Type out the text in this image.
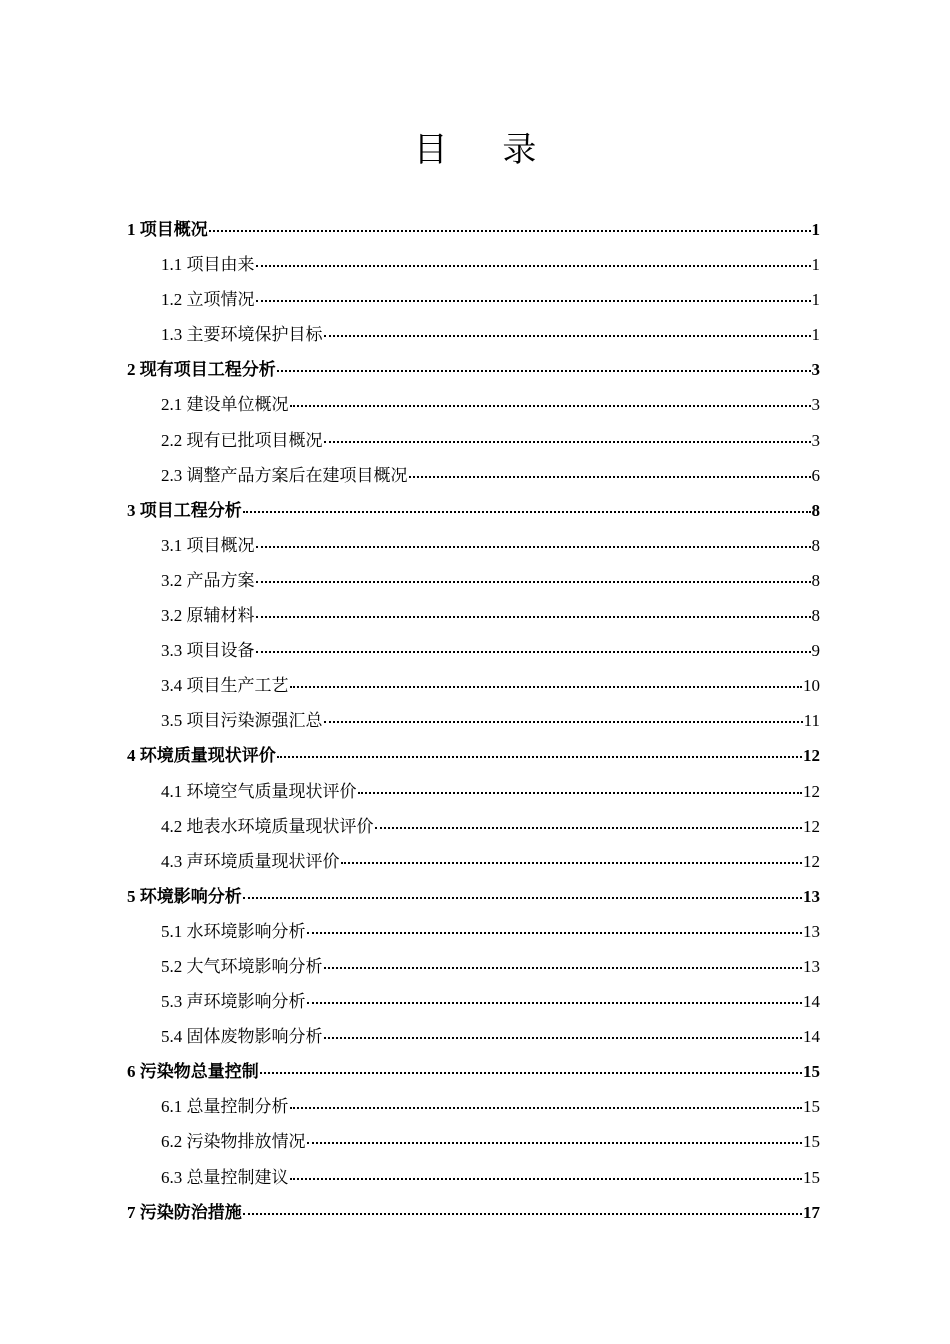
目 录
1 项目概况	1
1.1 项目由来	1
1.2 立项情况	1
1.3 主要环境保护目标	1
2 现有项目工程分析	3
2.1 建设单位概况	3
2.2 现有已批项目概况	3
2.3 调整产品方案后在建项目概况	6
3 项目工程分析	8
3.1 项目概况	8
3.2 产品方案	8
3.2 原辅材料	8
3.3 项目设备	9
3.4 项目生产工艺	10
3.5 项目污染源强汇总	11
4 环境质量现状评价	12
4.1 环境空气质量现状评价	12
4.2 地表水环境质量现状评价	12
4.3 声环境质量现状评价	12
5 环境影响分析	13
5.1 水环境影响分析	13
5.2 大气环境影响分析	13
5.3 声环境影响分析	14
5.4 固体废物影响分析	14
6 污染物总量控制	15
6.1 总量控制分析	15
6.2 污染物排放情况	15
6.3 总量控制建议	15
7 污染防治措施	17
